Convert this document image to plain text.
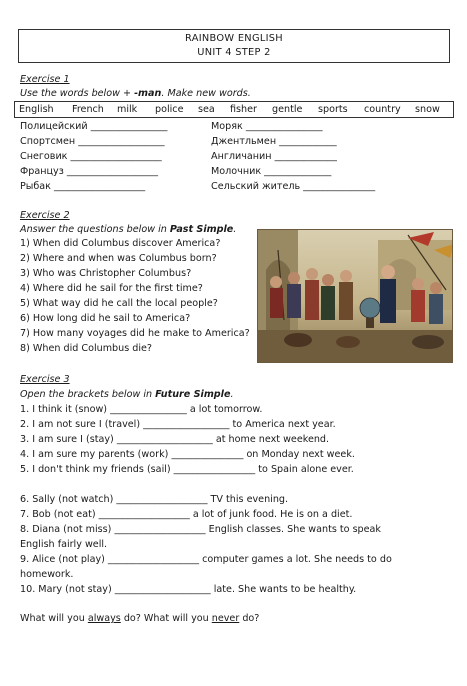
RAINBOW ENGLISH
UNIT 4 STEP 2
Exercise 1
Use the words below + -man. Make new words.
English French milk police sea fisher gentle sports country snow
Полицейский ________________
Спортсмен __________________
Снеговик ___________________
Француз ___________________
Рыбак ___________________
Моряк ________________
Джентльмен ____________
Англичанин _____________
Молочник ______________
Сельский житель _______________
Exercise 2
Answer the questions below in Past Simple.
1) When did Columbus discover America?
2) Where and when was Columbus born?
3) Who was Christopher Columbus?
4) Where did he sail for the first time?
5) What way did he call the local people?
6) How long did he sail to America?
7) How many voyages did he make to America?
8) When did Columbus die?
Exercise 3
Open the brackets below in Future Simple.
1. I think it (snow) ________________ a lot tomorrow.
2. I am not sure I (travel) __________________ to America next year.
3. I am sure I (stay) ____________________ at home next weekend.
4. I am sure my parents (work) _______________ on Monday next week.
5. I don't think my friends (sail) _________________ to Spain alone ever.
6. Sally (not watch) ___________________ TV this evening.
7. Bob (not eat) ___________________ a lot of junk food. He is on a diet.
8. Diana (not miss) ___________________ English classes. She wants to speak
English fairly well.
9. Alice (not play) ___________________ computer games a lot. She needs to do
homework.
10. Mary (not stay) ____________________ late. She wants to be healthy.
What will you always do? What will you never do?
